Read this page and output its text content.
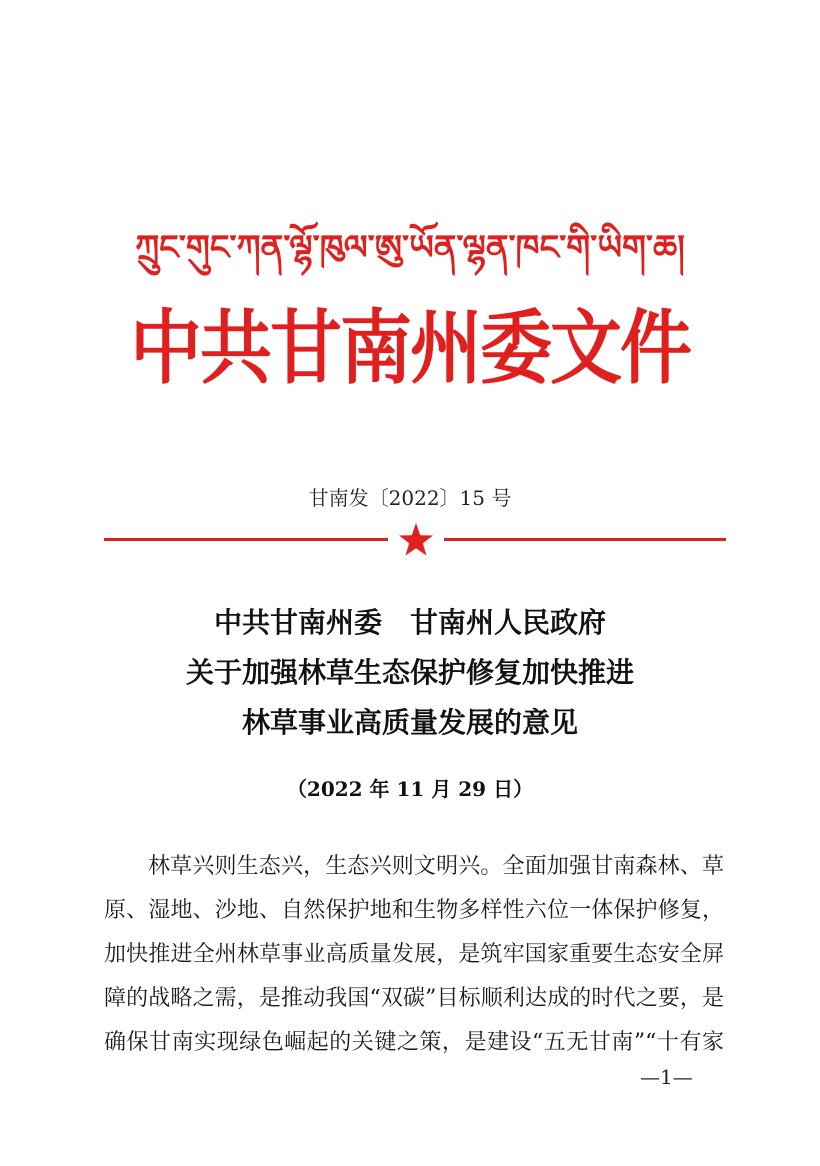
ཀྲུང་གུང་ཀན་ལྷོ་ཁུལ་ཨུ་ཡོན་ལྷན་ཁང་གི་ཡིག་ཆ།
中共甘南州委文件
甘南发〔2022〕15 号
中共甘南州委　甘南州人民政府
关于加强林草生态保护修复加快推进
林草事业高质量发展的意见
（2022 年 11 月 29 日）
林草兴则生态兴，生态兴则文明兴。全面加强甘南森林、草
原、湿地、沙地、自然保护地和生物多样性六位一体保护修复，
加快推进全州林草事业高质量发展，是筑牢国家重要生态安全屏
障的战略之需，是推动我国“双碳”目标顺利达成的时代之要，是
确保甘南实现绿色崛起的关键之策，是建设“五无甘南”“十有家
—1—
